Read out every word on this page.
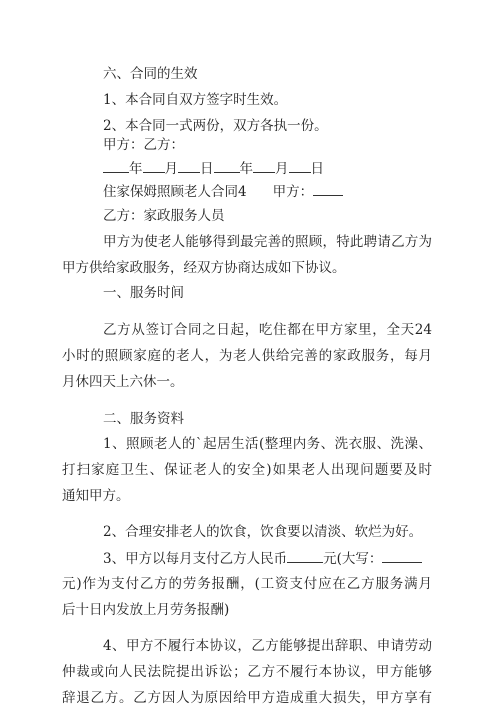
六、合同的生效
1、本合同自双方签字时生效。
2、本合同一式两份，双方各执一份。
甲方：乙方：
年 月 日 年 月 日
住家保姆照顾老人合同4 甲方：
乙方：家政服务人员
甲方为使老人能够得到最完善的照顾，特此聘请乙方为
甲方供给家政服务，经双方协商达成如下协议。
一、服务时间
乙方从签订合同之日起，吃住都在甲方家里，全天24
小时的照顾家庭的老人，为老人供给完善的家政服务，每月
月休四天上六休一。
二、服务资料
1、照顾老人的`起居生活(整理内务、洗衣服、洗澡、
打扫家庭卫生、保证老人的安全)如果老人出现问题要及时
通知甲方。
2、合理安排老人的饮食，饮食要以清淡、软烂为好。
3、甲方以每月支付乙方人民币	元(大写：
元)作为支付乙方的劳务报酬，(工资支付应在乙方服务满月
后十日内发放上月劳务报酬)
4、甲方不履行本协议，乙方能够提出辞职、申请劳动
仲裁或向人民法院提出诉讼；乙方不履行本协议，甲方能够
辞退乙方。乙方因人为原因给甲方造成重大损失，甲方享有
